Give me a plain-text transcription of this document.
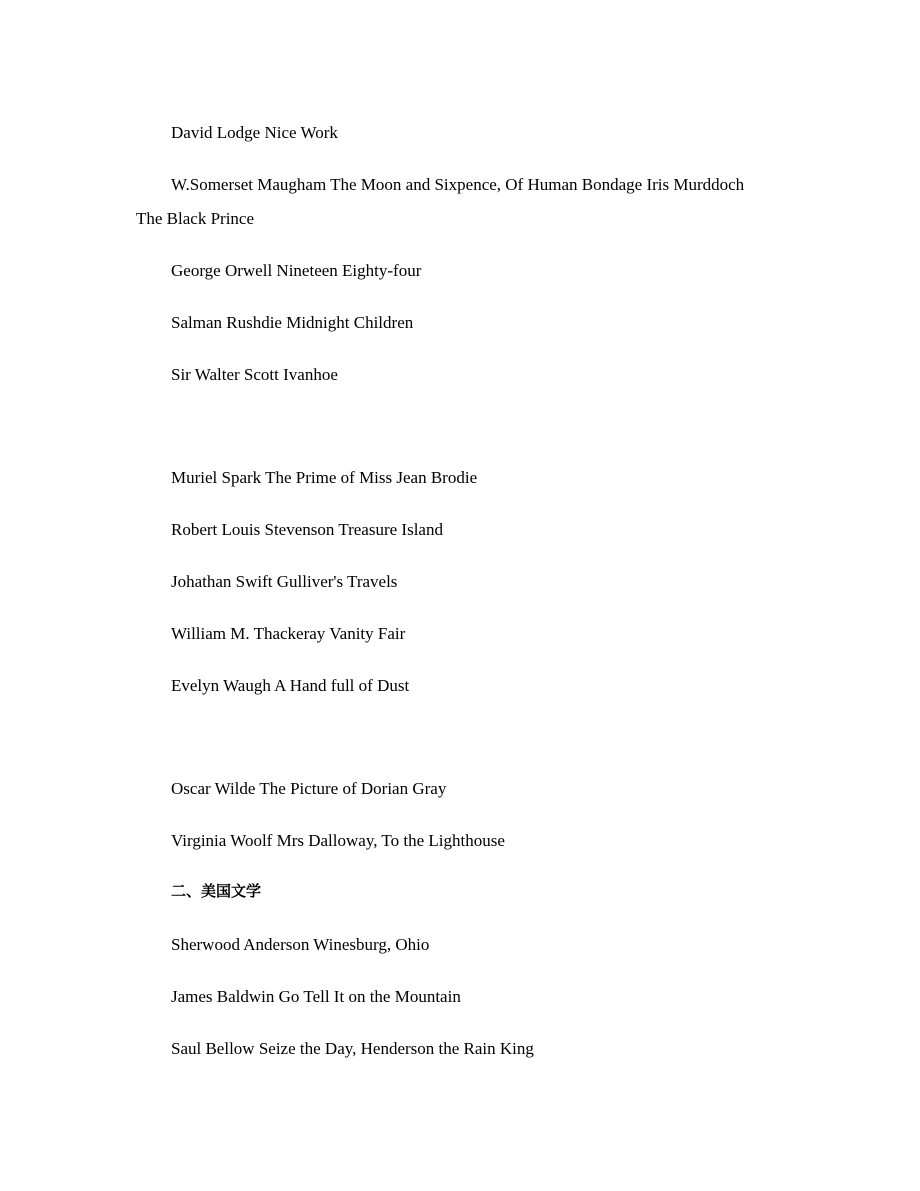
David Lodge Nice Work
W.Somerset Maugham The Moon and Sixpence, Of Human Bondage Iris Murddoch
The Black Prince
George Orwell Nineteen Eighty-four
Salman Rushdie Midnight Children
Sir Walter Scott Ivanhoe
Muriel Spark The Prime of Miss Jean Brodie
Robert Louis Stevenson Treasure Island
Johathan Swift Gulliver's Travels
William M. Thackeray Vanity Fair
Evelyn Waugh A Hand full of Dust
Oscar Wilde The Picture of Dorian Gray
Virginia Woolf Mrs Dalloway, To the Lighthouse
二、美国文学
Sherwood Anderson Winesburg, Ohio
James Baldwin Go Tell It on the Mountain
Saul Bellow Seize the Day, Henderson the Rain King
